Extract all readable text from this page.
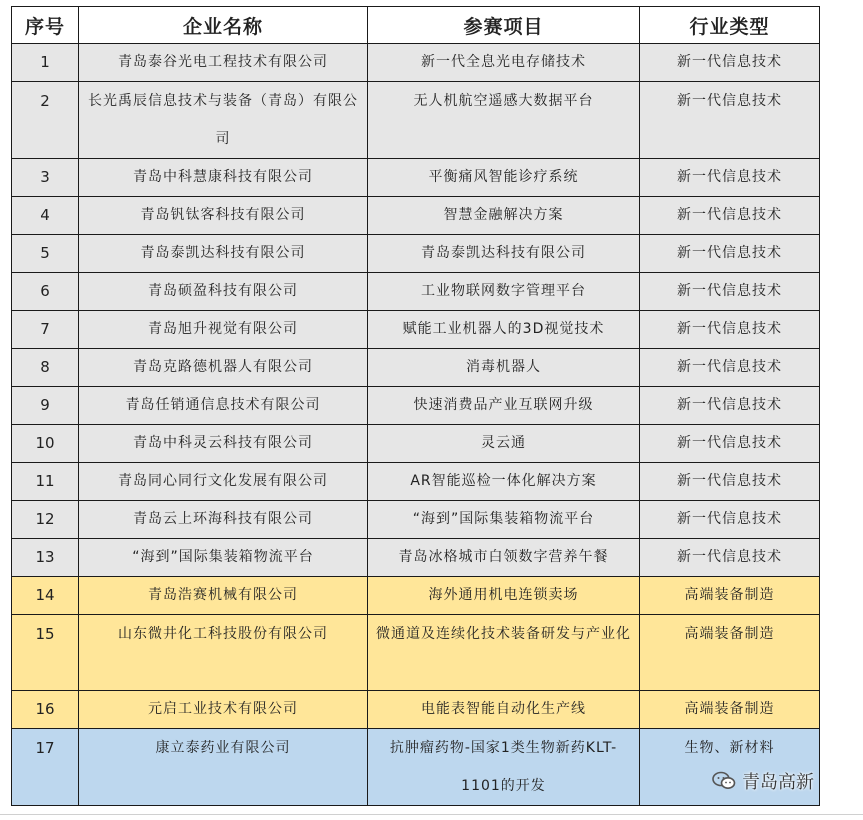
序号	企业名称	参赛项目	行业类型
1	青岛泰谷光电工程技术有限公司	新一代全息光电存储技术	新一代信息技术
2	长光禹辰信息技术与装备（青岛）有限公司	无人机航空遥感大数据平台	新一代信息技术
3	青岛中科慧康科技有限公司	平衡痛风智能诊疗系统	新一代信息技术
4	青岛钒钛客科技有限公司	智慧金融解决方案	新一代信息技术
5	青岛泰凯达科技有限公司	青岛泰凯达科技有限公司	新一代信息技术
6	青岛硕盈科技有限公司	工业物联网数字管理平台	新一代信息技术
7	青岛旭升视觉有限公司	赋能工业机器人的3D视觉技术	新一代信息技术
8	青岛克路德机器人有限公司	消毒机器人	新一代信息技术
9	青岛任销通信息技术有限公司	快速消费品产业互联网升级	新一代信息技术
10	青岛中科灵云科技有限公司	灵云通	新一代信息技术
11	青岛同心同行文化发展有限公司	AR智能巡检一体化解决方案	新一代信息技术
12	青岛云上环海科技有限公司	“海到”国际集装箱物流平台	新一代信息技术
13	“海到”国际集装箱物流平台	青岛冰格城市白领数字营养午餐	新一代信息技术
14	青岛浩赛机械有限公司	海外通用机电连锁卖场	高端装备制造
15	山东微井化工科技股份有限公司	微通道及连续化技术装备研发与产业化	高端装备制造
16	元启工业技术有限公司	电能表智能自动化生产线	高端装备制造
17	康立泰药业有限公司	抗肿瘤药物-国家1类生物新药KLT-1101的开发	生物、新材料
青岛高新
